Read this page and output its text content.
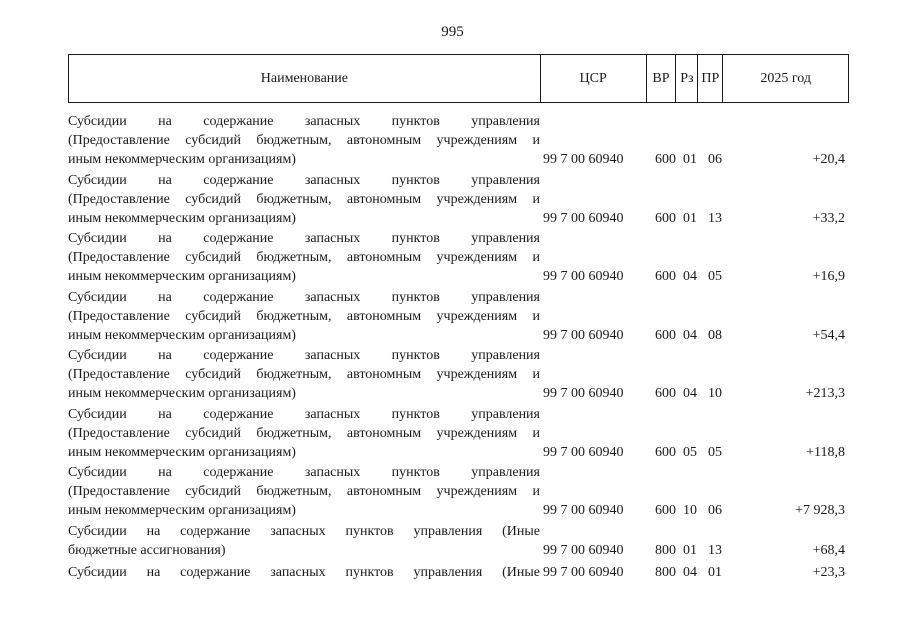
995
Наименование	ЦСР	ВР Рз ПР	2025 год
Субсидии на содержание запасных пунктов управления
(Предоставление субсидий бюджетным, автономным учреждениям и
иным некоммерческим организациям)	99 7 00 60940	600 01 06	+20,4
Субсидии на содержание запасных пунктов управления
(Предоставление субсидий бюджетным, автономным учреждениям и
иным некоммерческим организациям)	99 7 00 60940	600 01 13	+33,2
Субсидии на содержание запасных пунктов управления
(Предоставление субсидий бюджетным, автономным учреждениям и
иным некоммерческим организациям)	99 7 00 60940	600 04 05	+16,9
Субсидии на содержание запасных пунктов управления
(Предоставление субсидий бюджетным, автономным учреждениям и
иным некоммерческим организациям)	99 7 00 60940	600 04 08	+54,4
Субсидии на содержание запасных пунктов управления
(Предоставление субсидий бюджетным, автономным учреждениям и
иным некоммерческим организациям)	99 7 00 60940	600 04 10	+213,3
Субсидии на содержание запасных пунктов управления
(Предоставление субсидий бюджетным, автономным учреждениям и
иным некоммерческим организациям)	99 7 00 60940	600 05 05	+118,8
Субсидии на содержание запасных пунктов управления
(Предоставление субсидий бюджетным, автономным учреждениям и
иным некоммерческим организациям)	99 7 00 60940	600 10 06	+7 928,3
Субсидии на содержание запасных пунктов управления (Иные
бюджетные ассигнования)	99 7 00 60940	800 01 13	+68,4
Субсидии на содержание запасных пунктов управления (Иные 99 7 00 60940	800 04 01	+23,3
